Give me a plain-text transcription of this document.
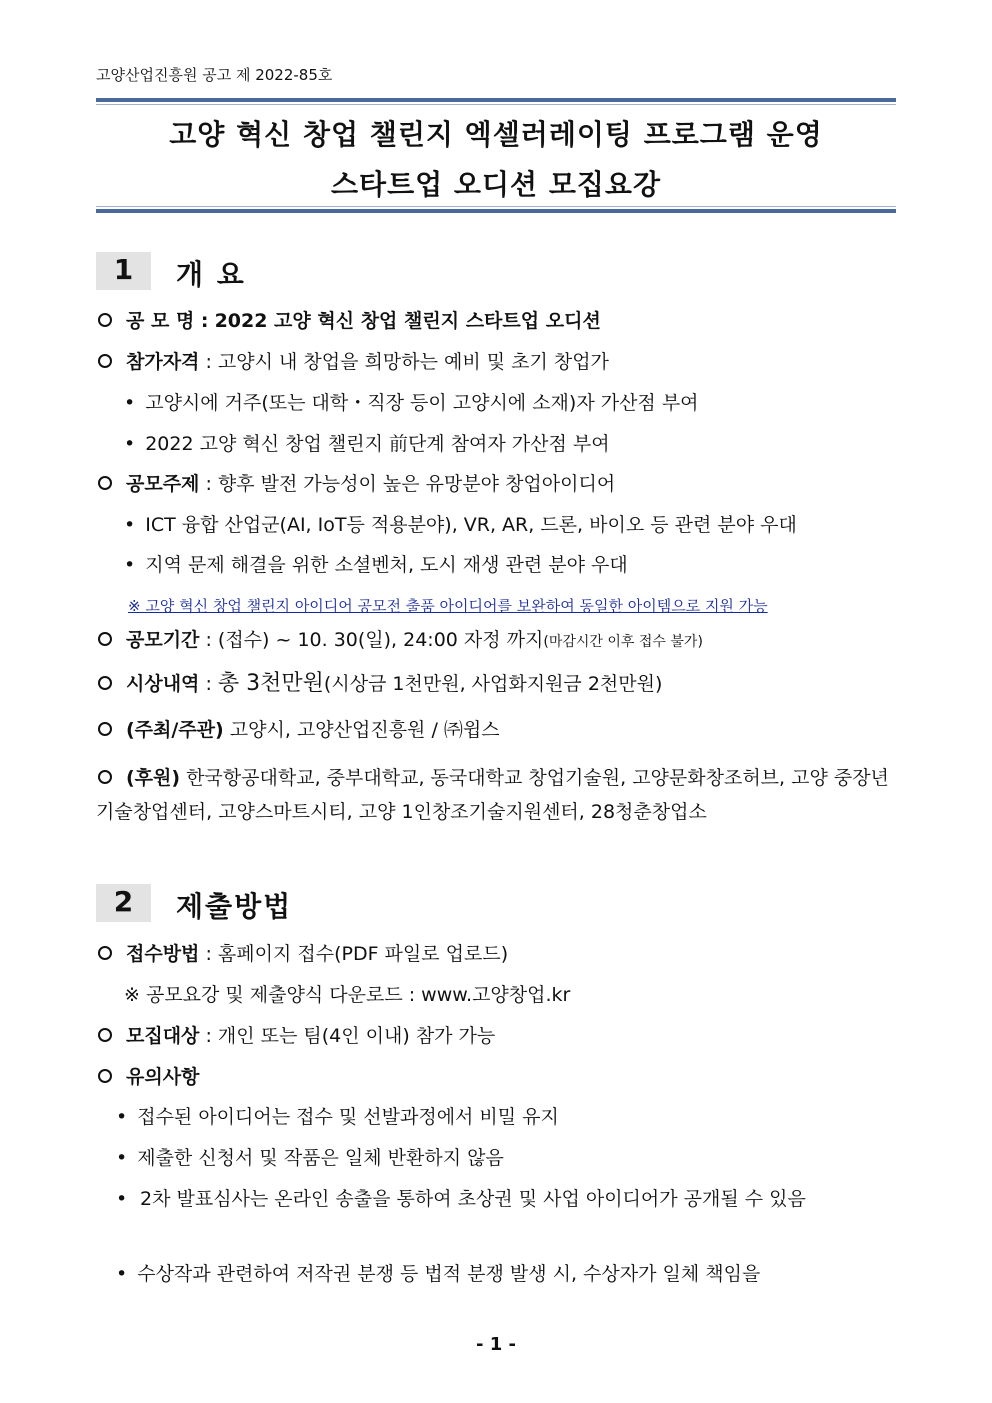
고양산업진흥원 공고 제 2022-85호
고양 혁신 창업 챌린지 엑셀러레이팅 프로그램 운영
스타트업 오디션 모집요강
1	개 요
공 모 명 : 2022 고양 혁신 창업 챌린지 스타트업 오디션
참가자격 : 고양시 내 창업을 희망하는 예비 및 초기 창업가
• 고양시에 거주(또는 대학・직장 등이 고양시에 소재)자 가산점 부여
• 2022 고양 혁신 창업 챌린지 前단계 참여자 가산점 부여
공모주제 : 향후 발전 가능성이 높은 유망분야 창업아이디어
• ICT 융합 산업군(AI, IoT등 적용분야), VR, AR, 드론, 바이오 등 관련 분야 우대
• 지역 문제 해결을 위한 소셜벤처, 도시 재생 관련 분야 우대
※ 고양 혁신 창업 챌린지 아이디어 공모전 출품 아이디어를 보완하여 동일한 아이템으로 지원 가능
공모기간 : (접수) ~ 10. 30(일), 24:00 자정 까지(마감시간 이후 접수 불가)
시상내역 : 총 3천만원(시상금 1천만원, 사업화지원금 2천만원)
(주최/주관) 고양시, 고양산업진흥원 / ㈜윕스
(후원) 한국항공대학교, 중부대학교, 동국대학교 창업기술원, 고양문화창조허브, 고양 중장년기술창업센터, 고양스마트시티, 고양 1인창조기술지원센터, 28청춘창업소
2	제출방법
접수방법 : 홈페이지 접수(PDF 파일로 업로드)
※ 공모요강 및 제출양식 다운로드 : www.고양창업.kr
모집대상 : 개인 또는 팀(4인 이내) 참가 가능
유의사항
• 접수된 아이디어는 접수 및 선발과정에서 비밀 유지
• 제출한 신청서 및 작품은 일체 반환하지 않음
• 2차 발표심사는 온라인 송출을 통하여 초상권 및 사업 아이디어가 공개될 수 있음
• 수상작과 관련하여 저작권 분쟁 등 법적 분쟁 발생 시, 수상자가 일체 책임을
- 1 -
